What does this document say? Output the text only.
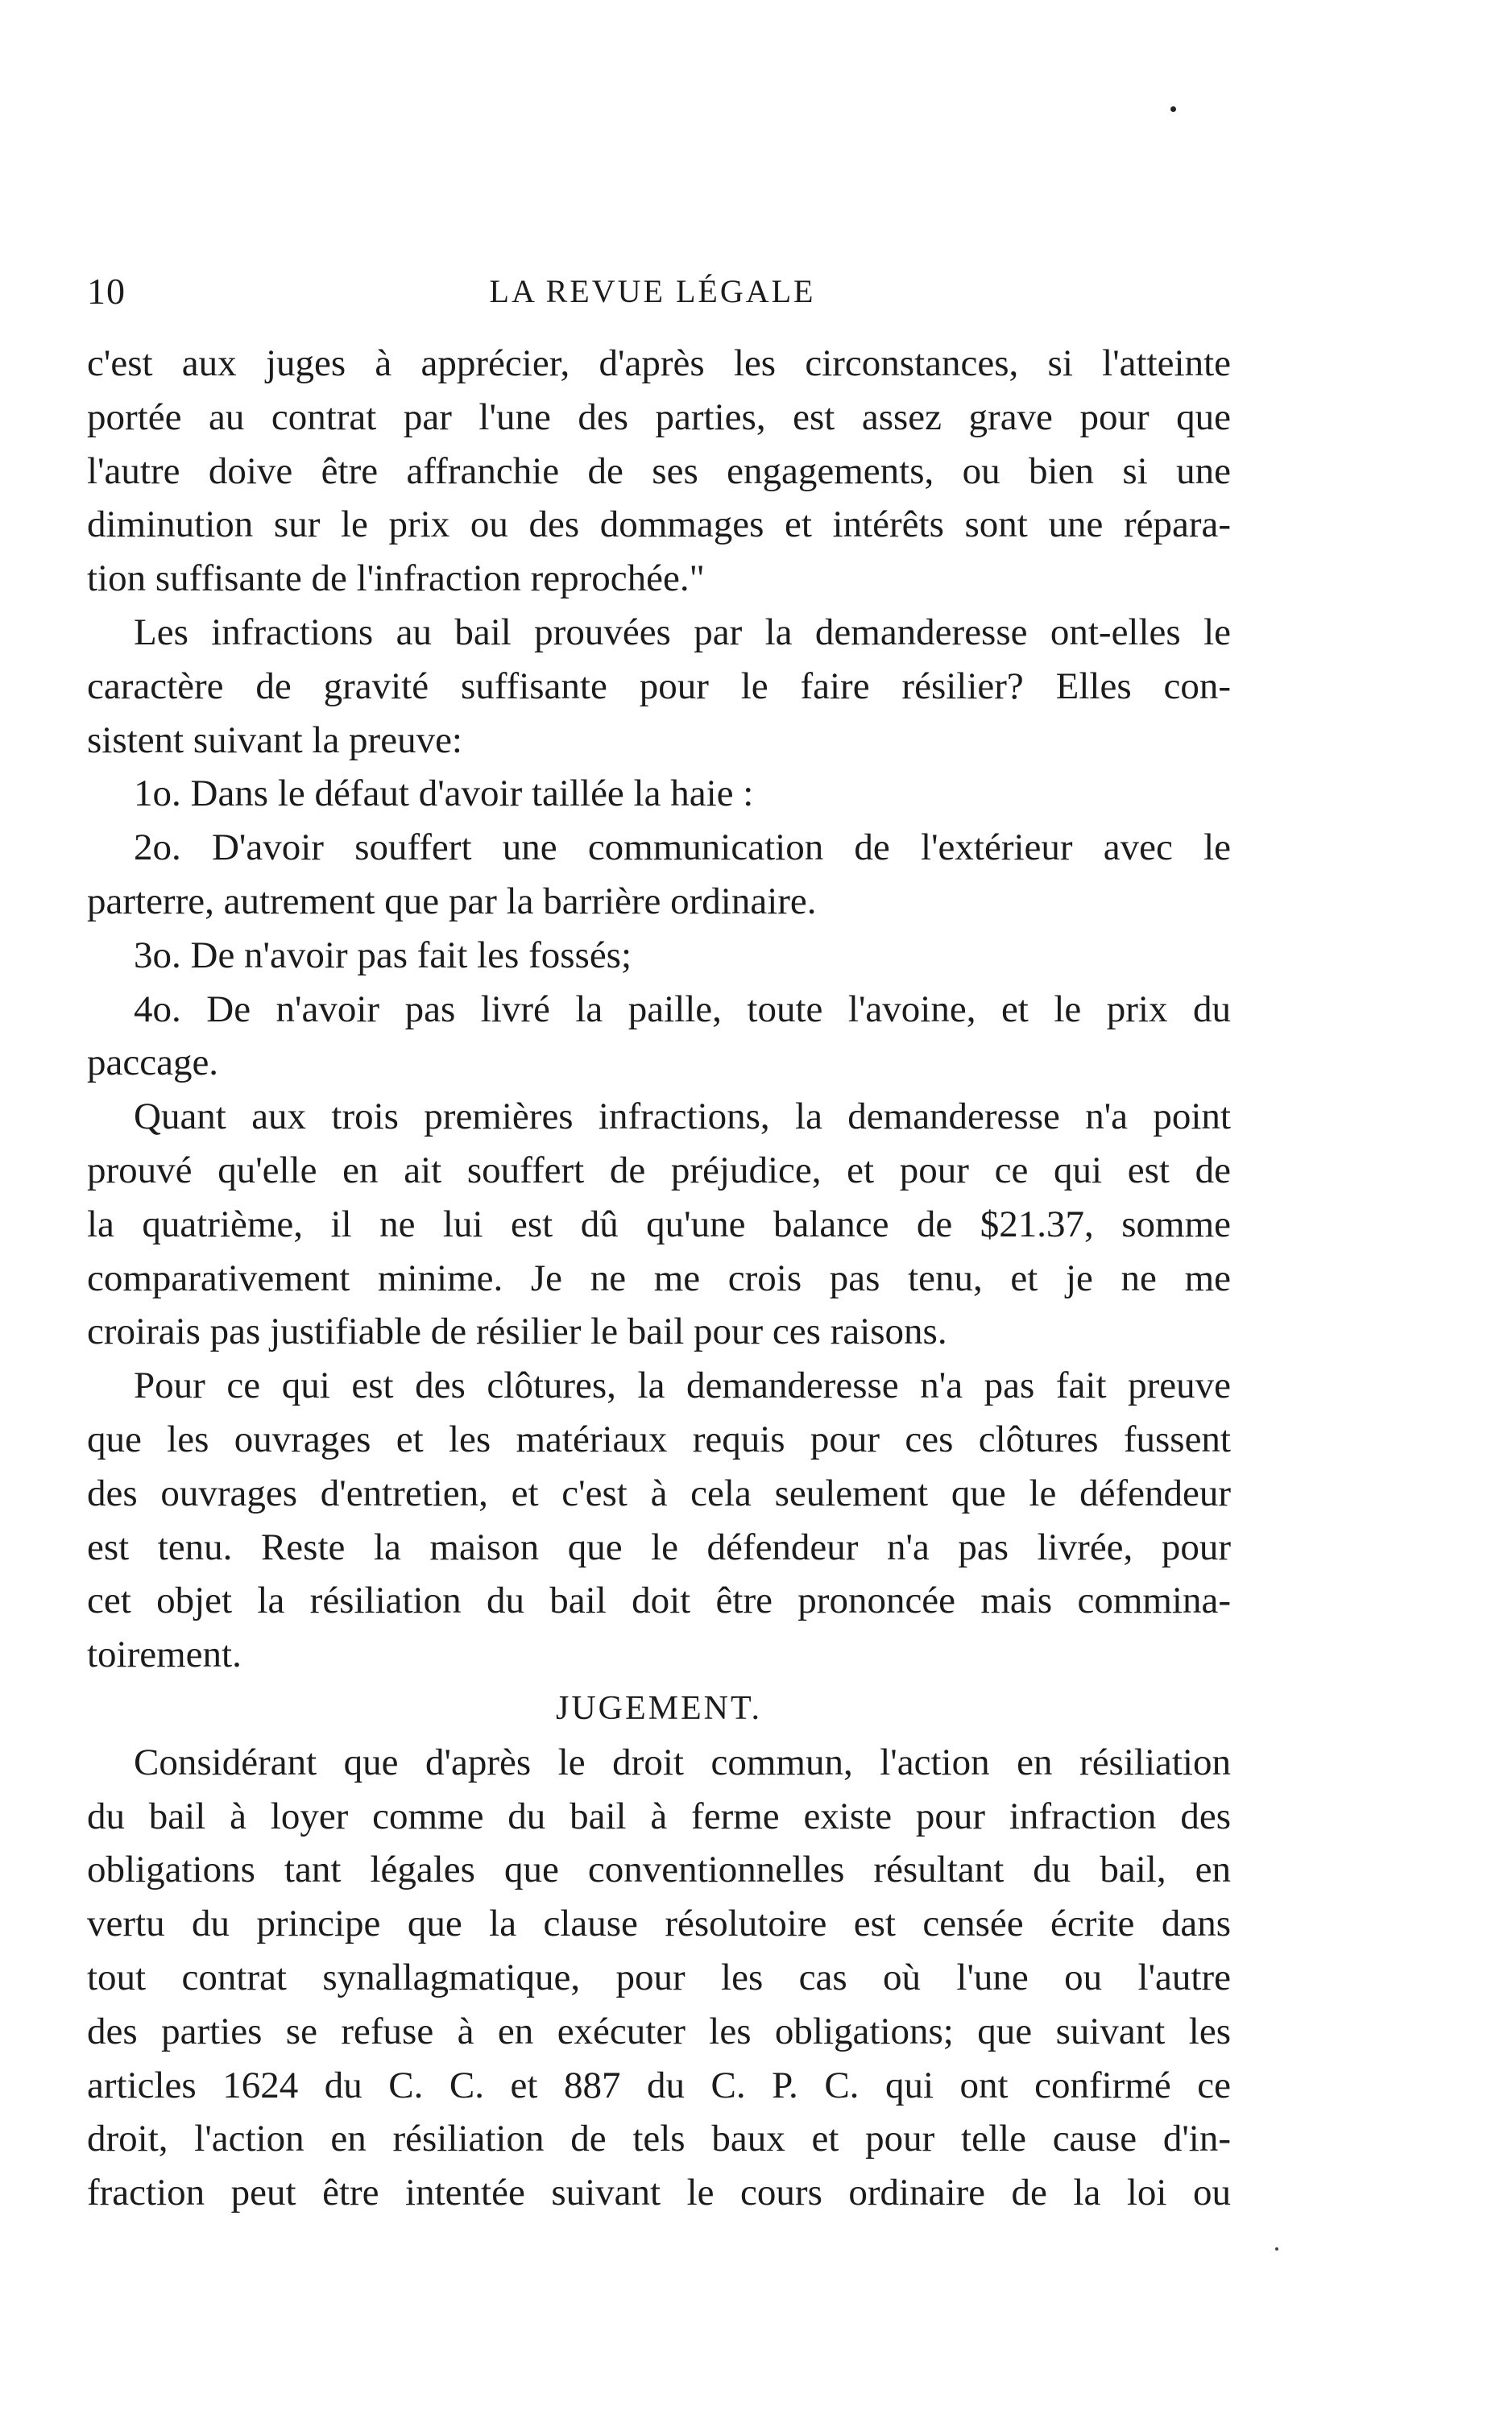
10	LA REVUE LÉGALE
c'est aux juges à apprécier, d'après les circonstances, si l'atteinte
portée au contrat par l'une des parties, est assez grave pour que
l'autre doive être affranchie de ses engagements, ou bien si une
diminution sur le prix ou des dommages et intérêts sont une répara-
tion suffisante de l'infraction reprochée."
Les infractions au bail prouvées par la demanderesse ont-elles le
caractère de gravité suffisante pour le faire résilier? Elles con-
sistent suivant la preuve:
1o. Dans le défaut d'avoir taillée la haie :
2o. D'avoir souffert une communication de l'extérieur avec le
parterre, autrement que par la barrière ordinaire.
3o. De n'avoir pas fait les fossés;
4o. De n'avoir pas livré la paille, toute l'avoine, et le prix du
paccage.
Quant aux trois premières infractions, la demanderesse n'a point
prouvé qu'elle en ait souffert de préjudice, et pour ce qui est de
la quatrième, il ne lui est dû qu'une balance de $21.37, somme
comparativement minime. Je ne me crois pas tenu, et je ne me
croirais pas justifiable de résilier le bail pour ces raisons.
Pour ce qui est des clôtures, la demanderesse n'a pas fait preuve
que les ouvrages et les matériaux requis pour ces clôtures fussent
des ouvrages d'entretien, et c'est à cela seulement que le défendeur
est tenu. Reste la maison que le défendeur n'a pas livrée, pour
cet objet la résiliation du bail doit être prononcée mais commina-
toirement.
JUGEMENT.
Considérant que d'après le droit commun, l'action en résiliation
du bail à loyer comme du bail à ferme existe pour infraction des
obligations tant légales que conventionnelles résultant du bail, en
vertu du principe que la clause résolutoire est censée écrite dans
tout contrat synallagmatique, pour les cas où l'une ou l'autre
des parties se refuse à en exécuter les obligations; que suivant les
articles 1624 du C. C. et 887 du C. P. C. qui ont confirmé ce
droit, l'action en résiliation de tels baux et pour telle cause d'in-
fraction peut être intentée suivant le cours ordinaire de la loi ou
